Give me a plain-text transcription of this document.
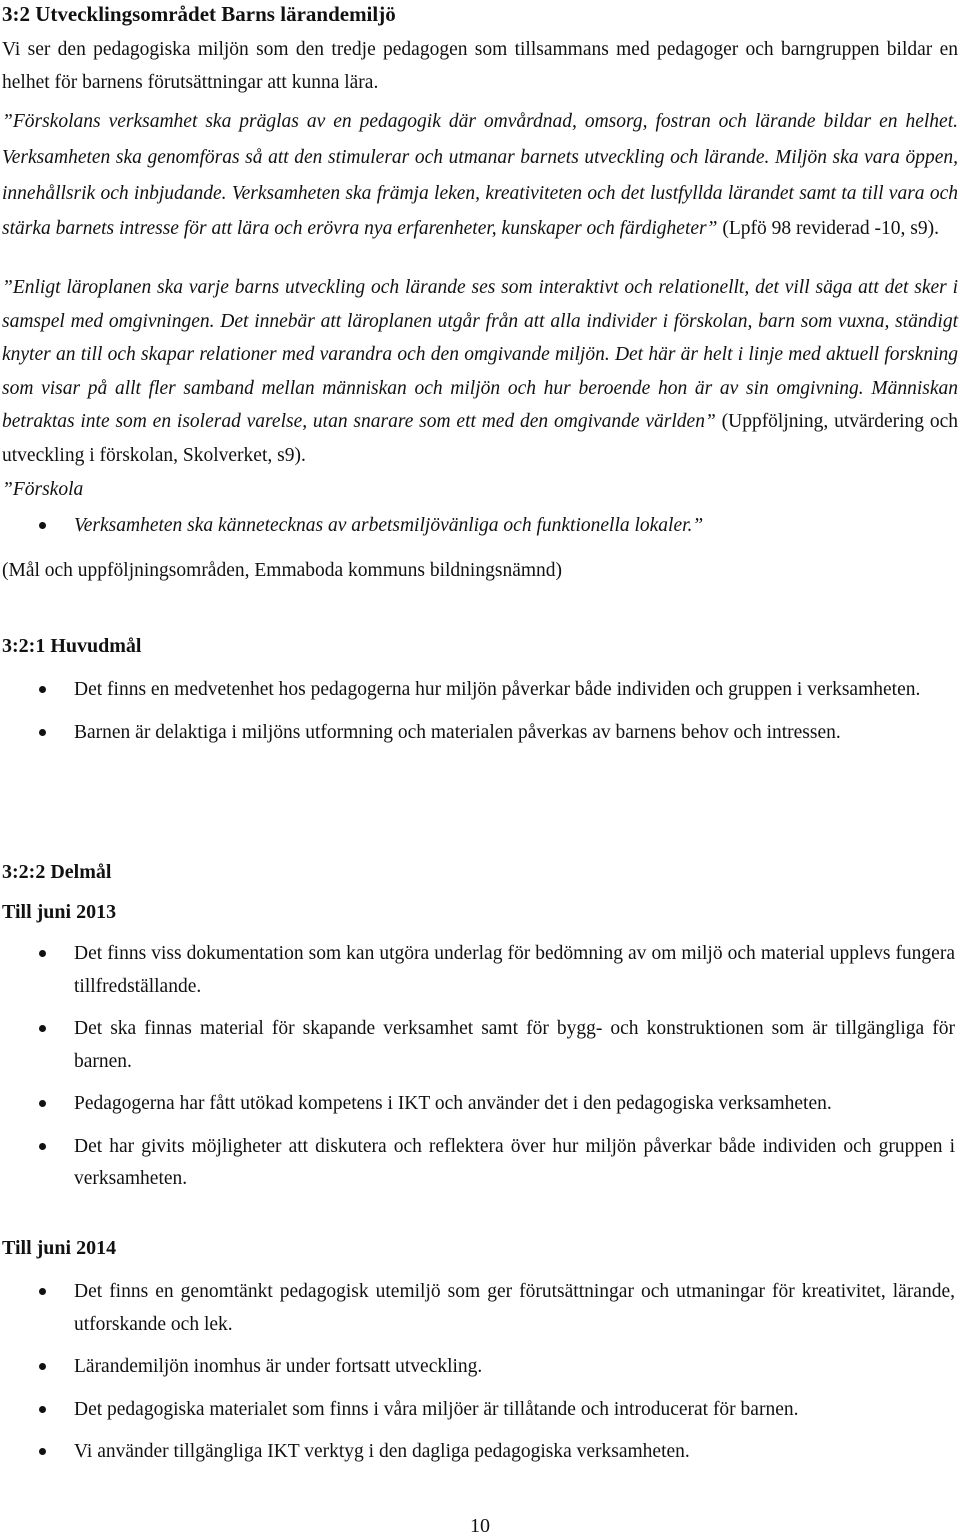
3:2 Utvecklingsområdet Barns lärandemiljö

Vi ser den pedagogiska miljön som den tredje pedagogen som tillsammans med pedagoger och barngruppen bildar en helhet för barnens förutsättningar att kunna lära.

”Förskolans verksamhet ska präglas av en pedagogik där omvårdnad, omsorg, fostran och lärande bildar en helhet. Verksamheten ska genomföras så att den stimulerar och utmanar barnets utveckling och lärande. Miljön ska vara öppen, innehållsrik och inbjudande. Verksamheten ska främja leken, kreativiteten och det lustfyllda lärandet samt ta till vara och stärka barnets intresse för att lära och erövra nya erfarenheter, kunskaper och färdigheter” (Lpfö 98 reviderad -10, s9).

”Enligt läroplanen ska varje barns utveckling och lärande ses som interaktivt och relationellt, det vill säga att det sker i samspel med omgivningen. Det innebär att läroplanen utgår från att alla individer i förskolan, barn som vuxna, ständigt knyter an till och skapar relationer med varandra och den omgivande miljön. Det här är helt i linje med aktuell forskning som visar på allt fler samband mellan människan och miljön och hur beroende hon är av sin omgivning. Människan betraktas inte som en isolerad varelse, utan snarare som ett med den omgivande världen” (Uppföljning, utvärdering och utveckling i förskolan, Skolverket, s9).

”Förskola

Verksamheten ska kännetecknas av arbetsmiljövänliga och funktionella lokaler.”

(Mål och uppföljningsområden, Emmaboda kommuns bildningsnämnd)

3:2:1 Huvudmål
Det finns en medvetenhet hos pedagogerna hur miljön påverkar både individen och gruppen i verksamheten.
Barnen är delaktiga i miljöns utformning och materialen påverkas av barnens behov och intressen.
3:2:2 Delmål
Till juni 2013
Det finns viss dokumentation som kan utgöra underlag för bedömning av om miljö och material upplevs fungera tillfredställande.
Det ska finnas material för skapande verksamhet samt för bygg- och konstruktionen som är tillgängliga för barnen.
Pedagogerna har fått utökad kompetens i IKT och använder det i den pedagogiska verksamheten.
Det har givits möjligheter att diskutera och reflektera över hur miljön påverkar både individen och gruppen i verksamheten.
Till juni 2014
Det finns en genomtänkt pedagogisk utemiljö som ger förutsättningar och utmaningar för kreativitet, lärande, utforskande och lek.
Lärandemiljön inomhus är under fortsatt utveckling.
Det pedagogiska materialet som finns i våra miljöer är tillåtande och introducerat för barnen.
Vi använder tillgängliga IKT verktyg i den dagliga pedagogiska verksamheten.
10
